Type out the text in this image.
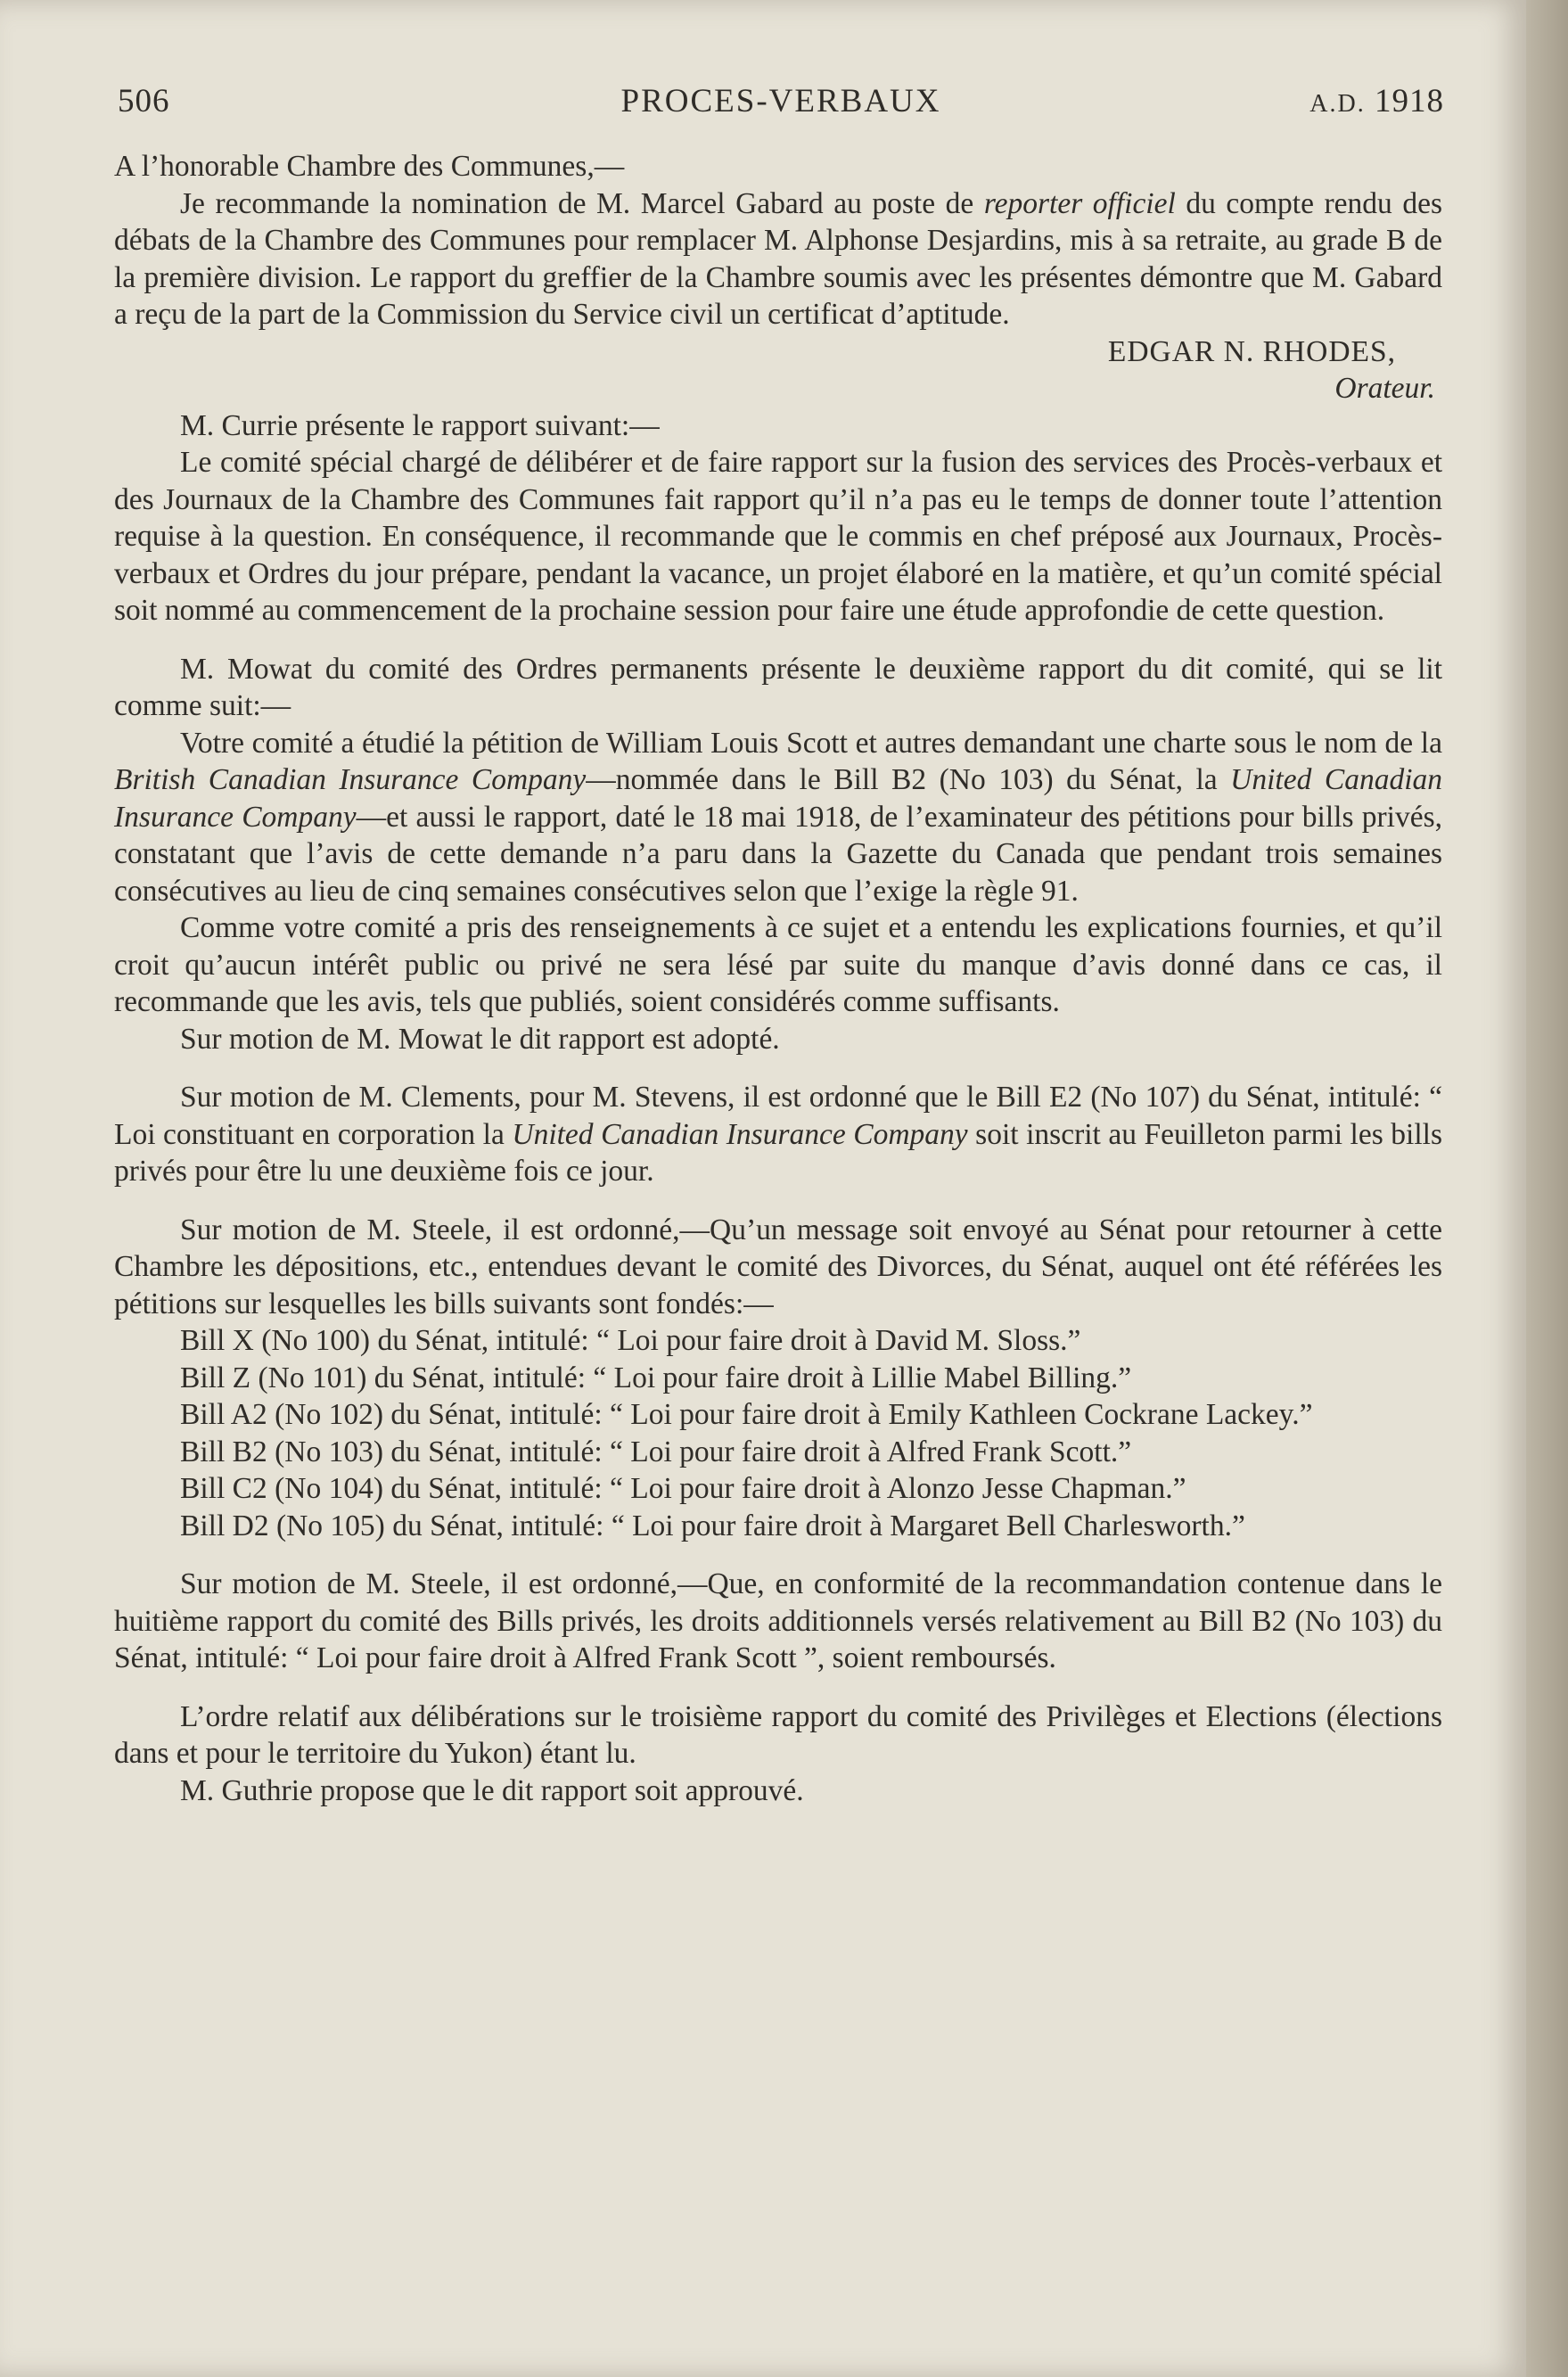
506	PROCES-VERBAUX	A.D. 1918

A l’honorable Chambre des Communes,—

Je recommande la nomination de M. Marcel Gabard au poste de reporter officiel du compte rendu des débats de la Chambre des Communes pour remplacer M. Alphonse Desjardins, mis à sa retraite, au grade B de la première division. Le rapport du greffier de la Chambre soumis avec les présentes démontre que M. Gabard a reçu de la part de la Commission du Service civil un certificat d’aptitude.

EDGAR N. RHODES,

Orateur.

M. Currie présente le rapport suivant:—

Le comité spécial chargé de délibérer et de faire rapport sur la fusion des services des Procès-verbaux et des Journaux de la Chambre des Communes fait rapport qu’il n’a pas eu le temps de donner toute l’attention requise à la question. En conséquence, il recommande que le commis en chef préposé aux Journaux, Procès-verbaux et Ordres du jour prépare, pendant la vacance, un projet élaboré en la matière, et qu’un comité spécial soit nommé au commencement de la prochaine session pour faire une étude approfondie de cette question.

M. Mowat du comité des Ordres permanents présente le deuxième rapport du dit comité, qui se lit comme suit:—

Votre comité a étudié la pétition de William Louis Scott et autres demandant une charte sous le nom de la British Canadian Insurance Company—nommée dans le Bill B2 (No 103) du Sénat, la United Canadian Insurance Company—et aussi le rapport, daté le 18 mai 1918, de l’examinateur des pétitions pour bills privés, constatant que l’avis de cette demande n’a paru dans la Gazette du Canada que pendant trois semaines consécutives au lieu de cinq semaines consécutives selon que l’exige la règle 91.

Comme votre comité a pris des renseignements à ce sujet et a entendu les explications fournies, et qu’il croit qu’aucun intérêt public ou privé ne sera lésé par suite du manque d’avis donné dans ce cas, il recommande que les avis, tels que publiés, soient considérés comme suffisants.

Sur motion de M. Mowat le dit rapport est adopté.

Sur motion de M. Clements, pour M. Stevens, il est ordonné que le Bill E2 (No 107) du Sénat, intitulé: “ Loi constituant en corporation la United Canadian Insurance Company soit inscrit au Feuilleton parmi les bills privés pour être lu une deuxième fois ce jour.

Sur motion de M. Steele, il est ordonné,—Qu’un message soit envoyé au Sénat pour retourner à cette Chambre les dépositions, etc., entendues devant le comité des Divorces, du Sénat, auquel ont été référées les pétitions sur lesquelles les bills suivants sont fondés:—

Bill X (No 100) du Sénat, intitulé: “ Loi pour faire droit à David M. Sloss.”

Bill Z (No 101) du Sénat, intitulé: “ Loi pour faire droit à Lillie Mabel Billing.”

Bill A2 (No 102) du Sénat, intitulé: “ Loi pour faire droit à Emily Kathleen Cockrane Lackey.”

Bill B2 (No 103) du Sénat, intitulé: “ Loi pour faire droit à Alfred Frank Scott.”

Bill C2 (No 104) du Sénat, intitulé: “ Loi pour faire droit à Alonzo Jesse Chapman.”

Bill D2 (No 105) du Sénat, intitulé: “ Loi pour faire droit à Margaret Bell Charlesworth.”

Sur motion de M. Steele, il est ordonné,—Que, en conformité de la recommandation contenue dans le huitième rapport du comité des Bills privés, les droits additionnels versés relativement au Bill B2 (No 103) du Sénat, intitulé: “ Loi pour faire droit à Alfred Frank Scott ”, soient remboursés.

L’ordre relatif aux délibérations sur le troisième rapport du comité des Privilèges et Elections (élections dans et pour le territoire du Yukon) étant lu.

M. Guthrie propose que le dit rapport soit approuvé.
